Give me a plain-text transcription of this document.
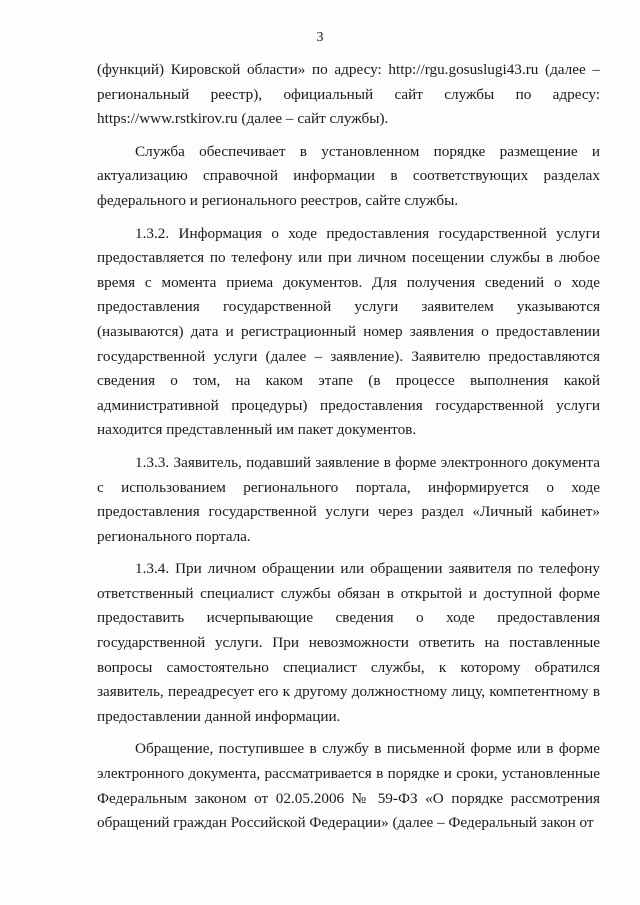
3

(функций) Кировской области» по адресу: http://rgu.gosuslugi43.ru (далее – региональный реестр), официальный сайт службы по адресу: https://www.rstkirov.ru (далее – сайт службы).

Служба обеспечивает в установленном порядке размещение и актуализацию справочной информации в соответствующих разделах федерального и регионального реестров, сайте службы.

1.3.2. Информация о ходе предоставления государственной услуги предоставляется по телефону или при личном посещении службы в любое время с момента приема документов. Для получения сведений о ходе предоставления государственной услуги заявителем указываются (называются) дата и регистрационный номер заявления о предоставлении государственной услуги (далее – заявление). Заявителю предоставляются сведения о том, на каком этапе (в процессе выполнения какой административной процедуры) предоставления государственной услуги находится представленный им пакет документов.

1.3.3. Заявитель, подавший заявление в форме электронного документа с использованием регионального портала, информируется о ходе предоставления государственной услуги через раздел «Личный кабинет» регионального портала.

1.3.4. При личном обращении или обращении заявителя по телефону ответственный специалист службы обязан в открытой и доступной форме предоставить исчерпывающие сведения о ходе предоставления государственной услуги. При невозможности ответить на поставленные вопросы самостоятельно специалист службы, к которому обратился заявитель, переадресует его к другому должностному лицу, компетентному в предоставлении данной информации.

Обращение, поступившее в службу в письменной форме или в форме электронного документа, рассматривается в порядке и сроки, установленные Федеральным законом от 02.05.2006 № 59-ФЗ «О порядке рассмотрения обращений граждан Российской Федерации» (далее – Федеральный закон от
